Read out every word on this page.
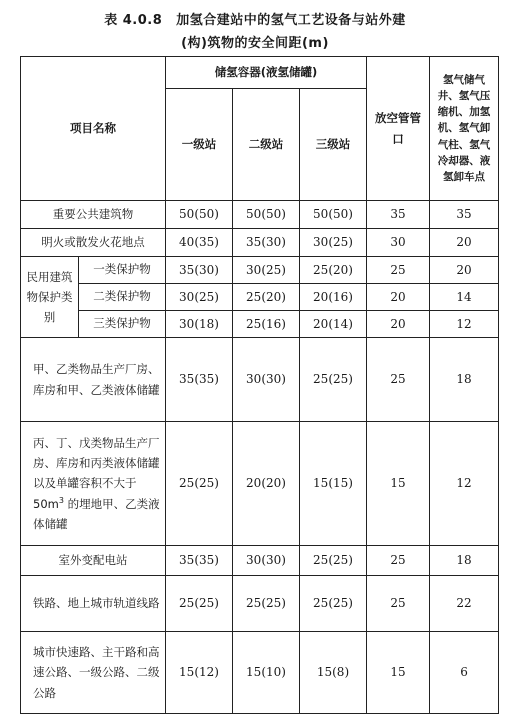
表 4.0.8 加氢合建站中的氢气工艺设备与站外建
(构)筑物的安全间距(m)
项目名称		储氢容器(液氢储罐)			放空管管口	氢气储气井、氢气压缩机、加氢机、氢气卸气柱、氢气冷却器、液氢卸车点
		一级站	二级站	三级站		
重要公共建筑物		50(50)	50(50)	50(50)	35	35
明火或散发火花地点		40(35)	35(30)	30(25)	30	20
民用建筑物保护类别	一类保护物	35(30)	30(25)	25(20)	25	20
	二类保护物	30(25)	25(20)	20(16)	20	14
	三类保护物	30(18)	25(16)	20(14)	20	12
甲、乙类物品生产厂房、库房和甲、乙类液体储罐		35(35)	30(30)	25(25)	25	18
丙、丁、戊类物品生产厂房、库房和丙类液体储罐以及单罐容积不大于 $50m^3$ 的埋地甲、乙类液体储罐		25(25)	20(20)	15(15)	15	12
室外变配电站		35(35)	30(30)	25(25)	25	18
铁路、地上城市轨道线路		25(25)	25(25)	25(25)	25	22
城市快速路、主干路和高速公路、一级公路、二级公路		15(12)	15(10)	15(8)	15	6
